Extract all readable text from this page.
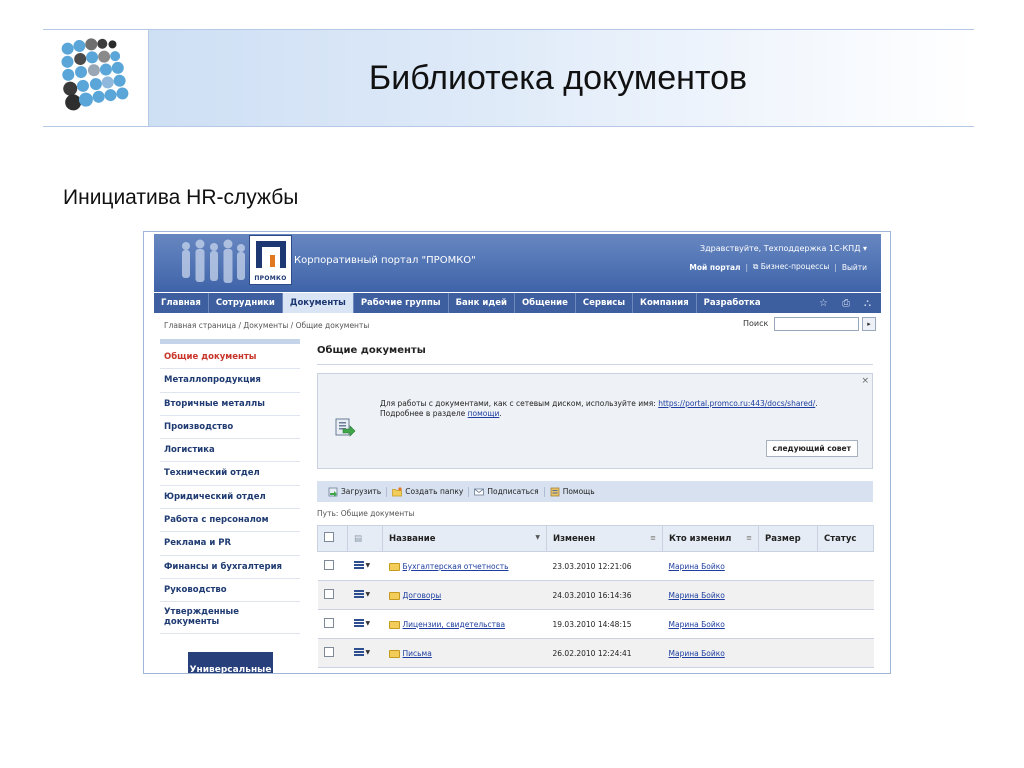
Библиотека документов
Инициатива HR-службы
ПРОМКО
Корпоративный портал "ПРОМКО"
Здравствуйте, Техподдержка 1С-КПД ▾
Мой портал | ⧉ Бизнес-процессы | Выйти
Главная	Сотрудники	Документы	Рабочие группы	Банк идей	Общение	Сервисы	Компания	Разработка	☆ ⎙ ⛬
Главная страница / Документы / Общие документы	Поиск	▸
Общие документы
Металлопродукция
Вторичные металлы
Производство
Логистика
Технический отдел
Юридический отдел
Работа с персоналом
Реклама и PR
Финансы и бухгалтерия
Руководство
Утвержденные документы
Универсальные
Общие документы
×
Для работы с документами, как с сетевым диском, используйте имя: https://portal.promco.ru:443/docs/shared/. Подробнее в разделе помощи.
следующий совет
Загрузить	Создать папку	Подписаться	Помощь
Путь: Общие документы
	▤	Название ▼	Изменен ≡	Кто изменил ≡	Размер	Статус

	▼	Бухгалтерская отчетность	23.03.2010 12:21:06	Марина Бойко		

	▼	Договоры	24.03.2010 16:14:36	Марина Бойко		

	▼	Лицензии, свидетельства	19.03.2010 14:48:15	Марина Бойко		

	▼	Письма	26.02.2010 12:24:41	Марина Бойко		
